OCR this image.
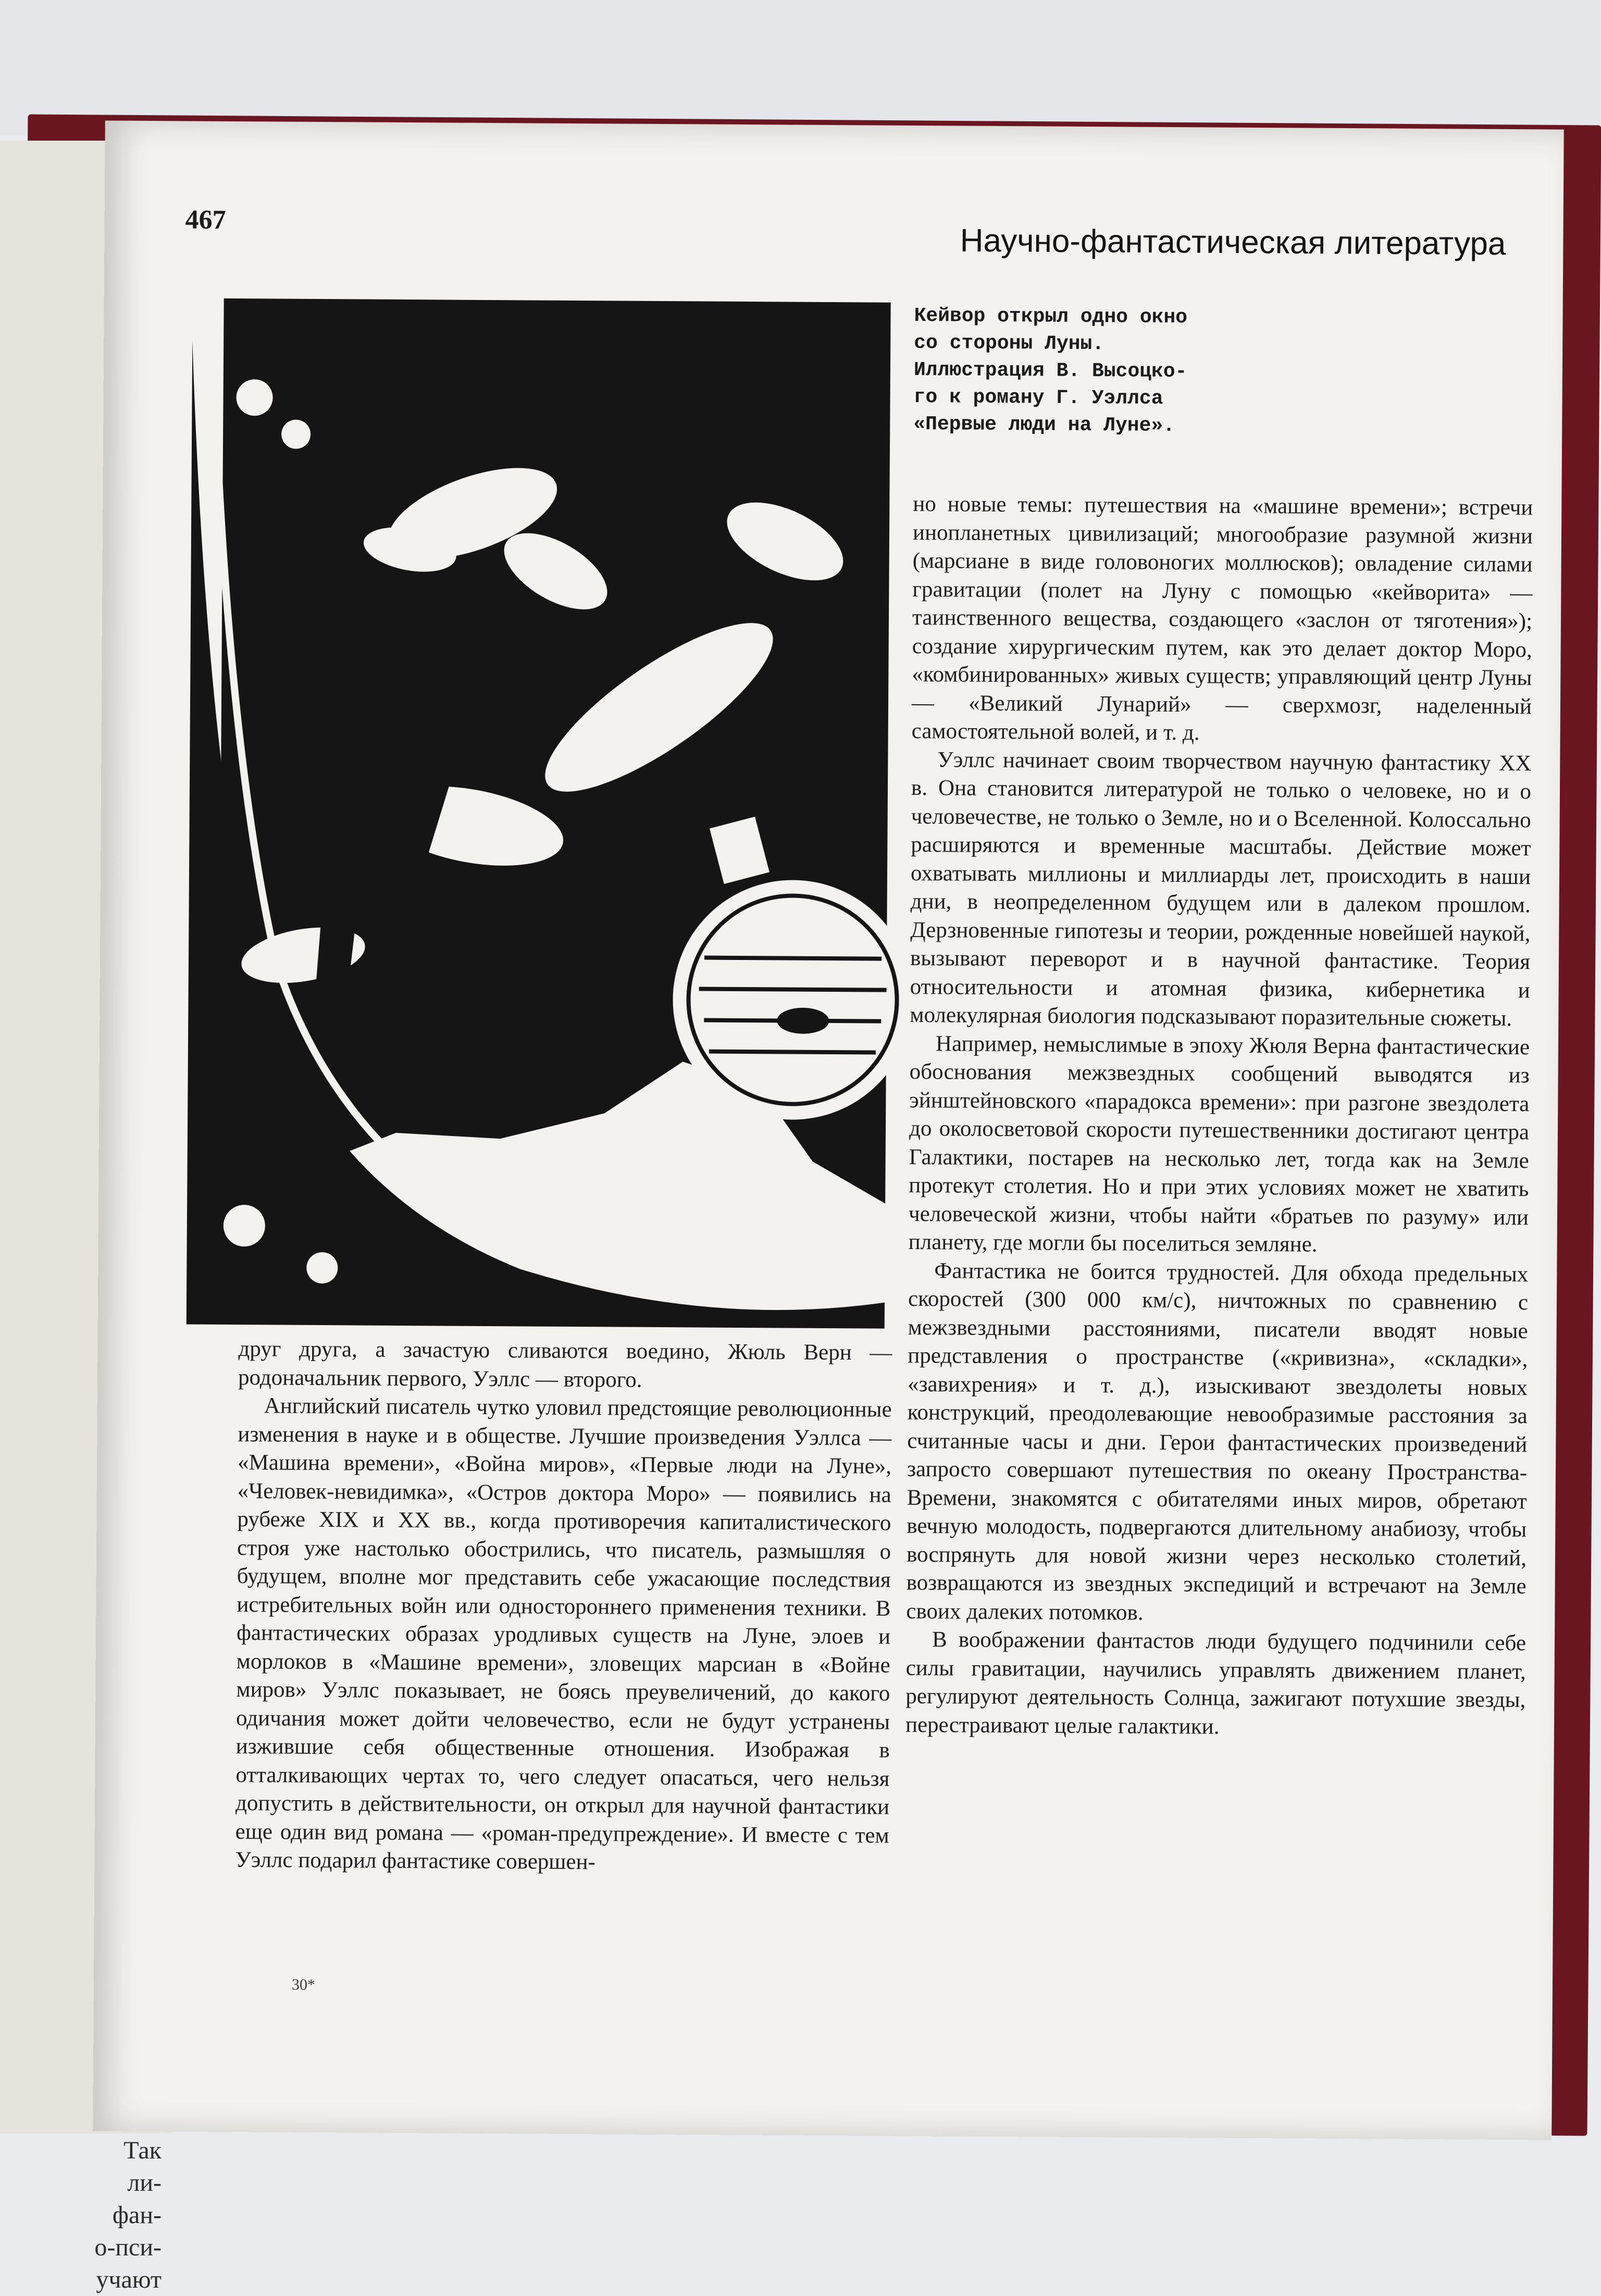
Так
ли-
фан-
о-пси-
учают
467
Научно-фантастическая литература
Кейвор открыл одно окно
со стороны Луны.
Иллюстрация В. Высоцко-
го к роману Г. Уэллса
«Первые люди на Луне».

друг друга, а зачастую сливаются воедино, Жюль Верн — родоначальник первого, Уэллс — второго.

Английский писатель чутко уловил предстоящие революционные изменения в науке и в обществе. Лучшие произведения Уэллса — «Машина времени», «Война миров», «Первые люди на Луне», «Человек-невидимка», «Остров доктора Моро» — появились на рубеже XIX и XX вв., когда противоречия капиталистического строя уже настолько обострились, что писатель, размышляя о будущем, вполне мог представить себе ужасающие последствия истребительных войн или одностороннего применения техники. В фантастических образах уродливых существ на Луне, элоев и морлоков в «Машине времени», зловещих марсиан в «Войне миров» Уэллс показывает, не боясь преувеличений, до какого одичания может дойти человечество, если не будут устранены изжившие себя общественные отношения. Изображая в отталкивающих чертах то, чего следует опасаться, чего нельзя допустить в действительности, он открыл для научной фантастики еще один вид романа — «роман-предупреждение». И вместе с тем Уэллс подарил фантастике совершен-

но новые темы: путешествия на «машине времени»; встречи инопланетных цивилизаций; многообразие разумной жизни (марсиане в виде головоногих моллюсков); овладение силами гравитации (полет на Луну с помощью «кейворита» — таинственного вещества, создающего «заслон от тяготения»); создание хирургическим путем, как это делает доктор Моро, «комбинированных» живых существ; управляющий центр Луны — «Великий Лунарий» — сверхмозг, наделенный самостоятельной волей, и т. д.

Уэллс начинает своим творчеством научную фантастику XX в. Она становится литературой не только о человеке, но и о человечестве, не только о Земле, но и о Вселенной. Колоссально расширяются и временные масштабы. Действие может охватывать миллионы и миллиарды лет, происходить в наши дни, в неопределенном будущем или в далеком прошлом. Дерзновенные гипотезы и теории, рожденные новейшей наукой, вызывают переворот и в научной фантастике. Теория относительности и атомная физика, кибернетика и молекулярная биология подсказывают поразительные сюжеты.

Например, немыслимые в эпоху Жюля Верна фантастические обоснования межзвездных сообщений выводятся из эйнштейновского «парадокса времени»: при разгоне звездолета до околосветовой скорости путешественники достигают центра Галактики, постарев на несколько лет, тогда как на Земле протекут столетия. Но и при этих условиях может не хватить человеческой жизни, чтобы найти «братьев по разуму» или планету, где могли бы поселиться земляне.

Фантастика не боится трудностей. Для обхода предельных скоростей (300 000 км/с), ничтожных по сравнению с межзвездными расстояниями, писатели вводят новые представления о пространстве («кривизна», «складки», «завихрения» и т. д.), изыскивают звездолеты новых конструкций, преодолевающие невообразимые расстояния за считанные часы и дни. Герои фантастических произведений запросто совершают путешествия по океану Пространства-Времени, знакомятся с обитателями иных миров, обретают вечную молодость, подвергаются длительному анабиозу, чтобы воспрянуть для новой жизни через несколько столетий, возвращаются из звездных экспедиций и встречают на Земле своих далеких потомков.

В воображении фантастов люди будущего подчинили себе силы гравитации, научились управлять движением планет, регулируют деятельность Солнца, зажигают потухшие звезды, перестраивают целые галактики.

30*
